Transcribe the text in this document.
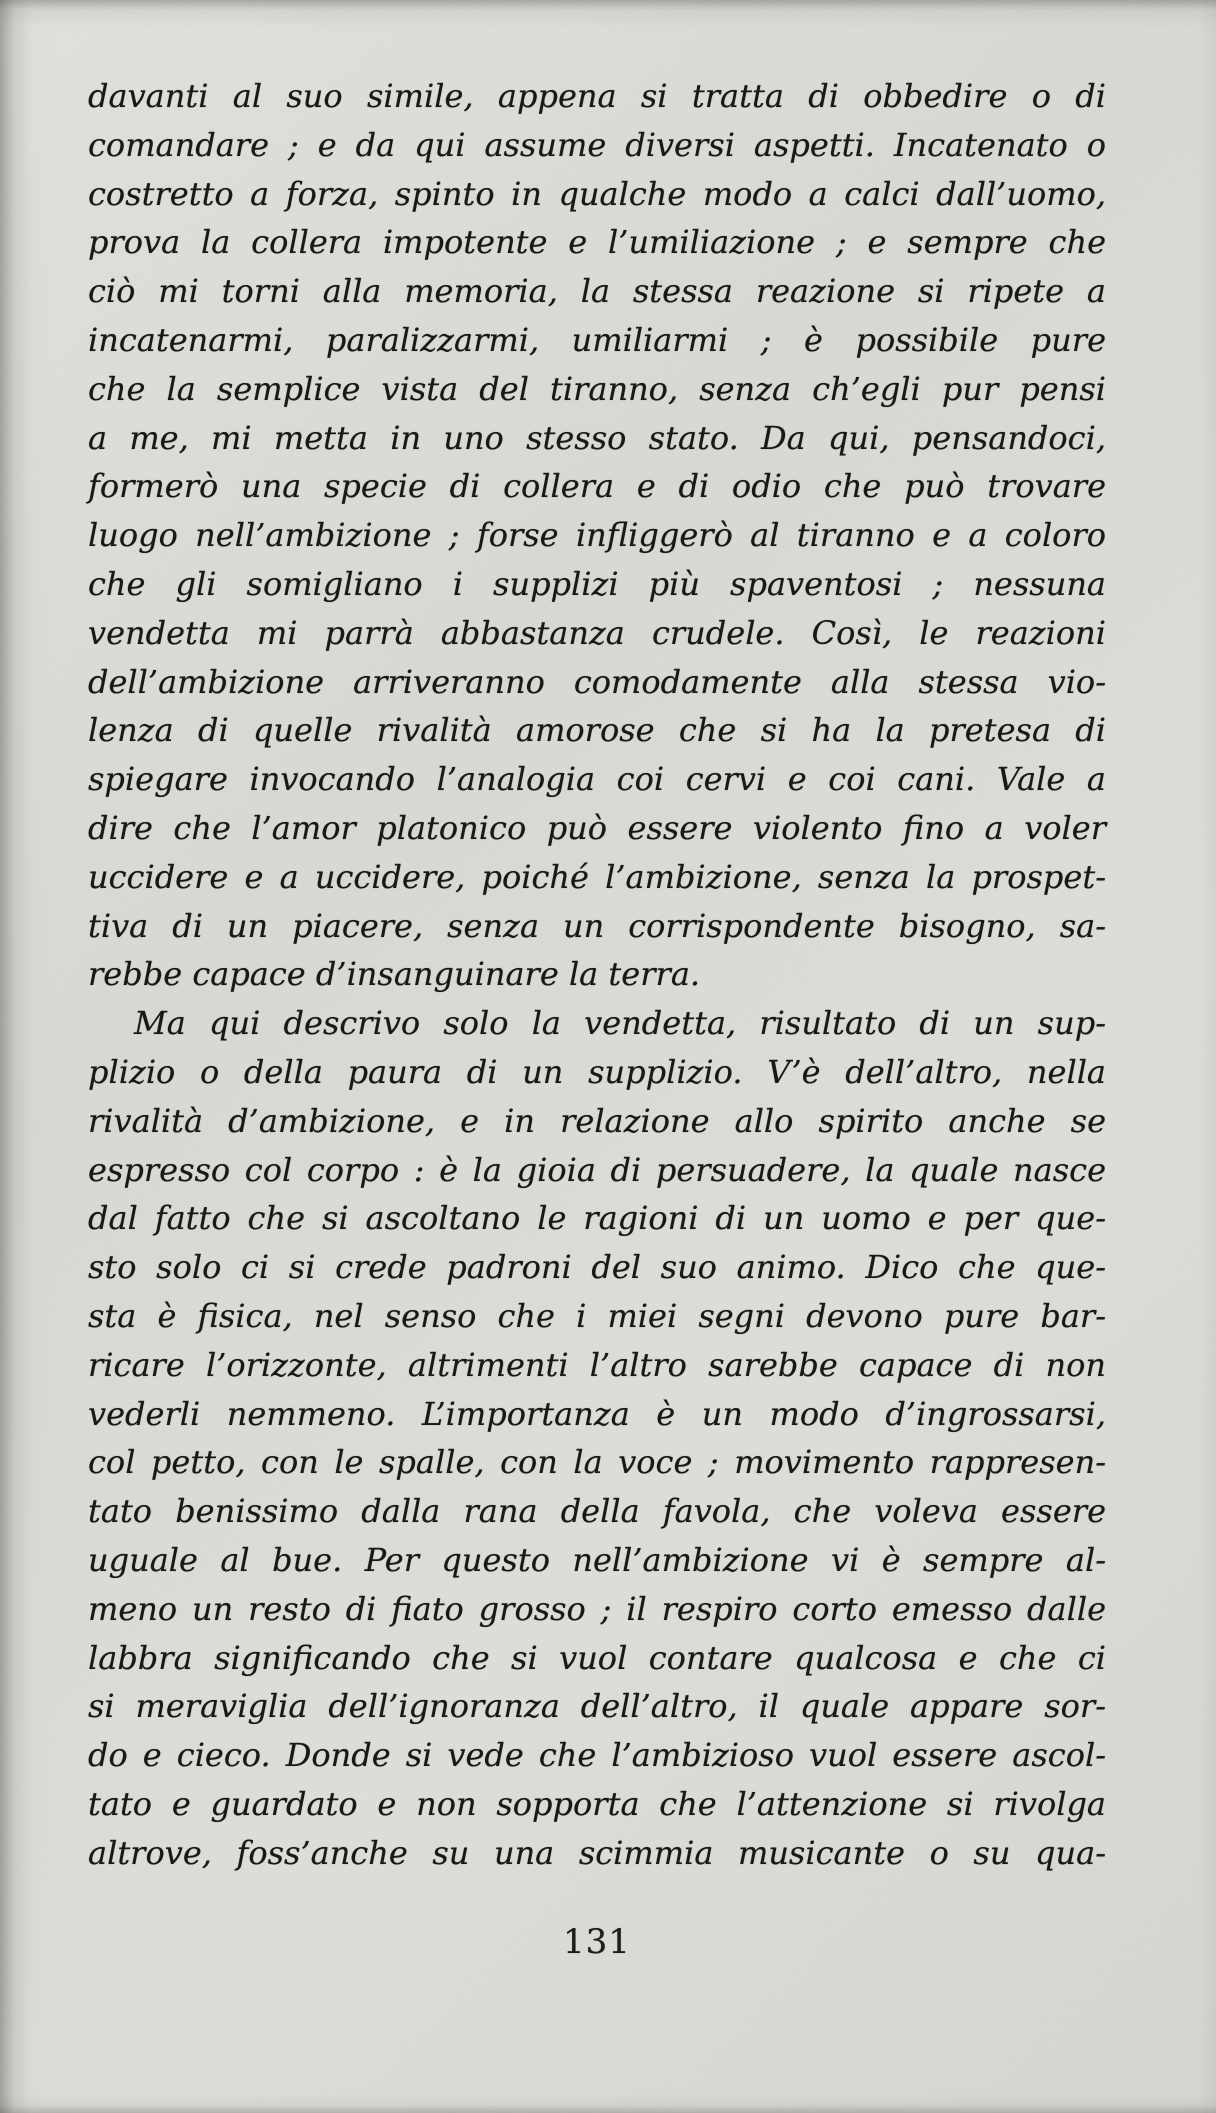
davanti al suo simile, appena si tratta di obbedire o di
comandare ; e da qui assume diversi aspetti. Incatenato o
costretto a forza, spinto in qualche modo a calci dall’uomo,
prova la collera impotente e l’umiliazione ; e sempre che
ciò mi torni alla memoria, la stessa reazione si ripete a
incatenarmi, paralizzarmi, umiliarmi ; è possibile pure
che la semplice vista del tiranno, senza ch’egli pur pensi
a me, mi metta in uno stesso stato. Da qui, pensandoci,
formerò una specie di collera e di odio che può trovare
luogo nell’ambizione ; forse infliggerò al tiranno e a coloro
che gli somigliano i supplizi più spaventosi ; nessuna
vendetta mi parrà abbastanza crudele. Così, le reazioni
dell’ambizione arriveranno comodamente alla stessa vio-
lenza di quelle rivalità amorose che si ha la pretesa di
spiegare invocando l’analogia coi cervi e coi cani. Vale a
dire che l’amor platonico può essere violento fino a voler
uccidere e a uccidere, poiché l’ambizione, senza la prospet-
tiva di un piacere, senza un corrispondente bisogno, sa-
rebbe capace d’insanguinare la terra.
Ma qui descrivo solo la vendetta, risultato di un sup-
plizio o della paura di un supplizio. V’è dell’altro, nella
rivalità d’ambizione, e in relazione allo spirito anche se
espresso col corpo : è la gioia di persuadere, la quale nasce
dal fatto che si ascoltano le ragioni di un uomo e per que-
sto solo ci si crede padroni del suo animo. Dico che que-
sta è fisica, nel senso che i miei segni devono pure bar-
ricare l’orizzonte, altrimenti l’altro sarebbe capace di non
vederli nemmeno. L’importanza è un modo d’ingrossarsi,
col petto, con le spalle, con la voce ; movimento rappresen-
tato benissimo dalla rana della favola, che voleva essere
uguale al bue. Per questo nell’ambizione vi è sempre al-
meno un resto di fiato grosso ; il respiro corto emesso dalle
labbra significando che si vuol contare qualcosa e che ci
si meraviglia dell’ignoranza dell’altro, il quale appare sor-
do e cieco. Donde si vede che l’ambizioso vuol essere ascol-
tato e guardato e non sopporta che l’attenzione si rivolga
altrove, foss’anche su una scimmia musicante o su qua-
131
